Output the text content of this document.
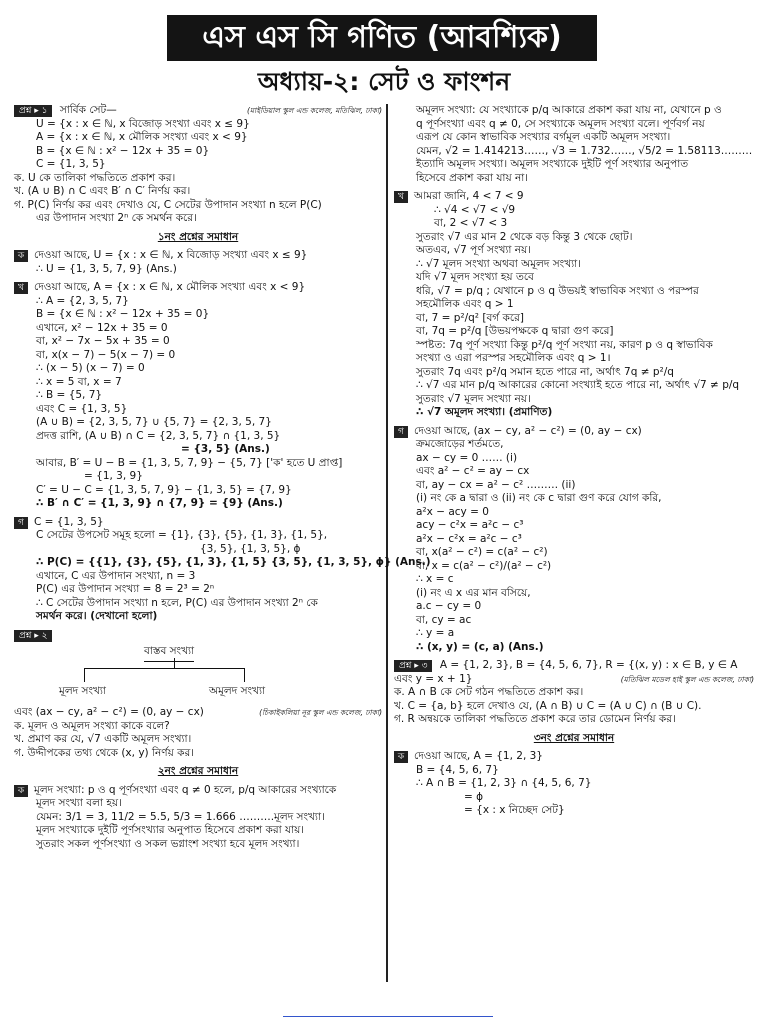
এস এস সি গণিত (আবশ্যিক)
অধ্যায়-২: সেট ও ফাংশন
প্রশ্ন ▸ ১ সার্বিক সেট—	(মাইডিয়াল স্কুল এন্ড কলেজ, মতিঝিল, ঢাকা)
U = {x : x ∈ ℕ, x বিজোড় সংখ্যা এবং x ≤ 9}
A = {x : x ∈ ℕ, x মৌলিক সংখ্যা এবং x < 9}
B = {x ∈ ℕ : x² − 12x + 35 = 0}
C = {1, 3, 5}
ক. U কে তালিকা পদ্ধতিতে প্রকাশ কর।
খ. (A ∪ B) ∩ C এবং B′ ∩ C′ নির্ণয় কর।
গ. P(C) নির্ণয় কর এবং দেখাও যে, C সেটের উপাদান সংখ্যা n হলে P(C)
এর উপাদান সংখ্যা 2ⁿ কে সমর্থন করে।
১নং প্রশ্নের সমাধান
ক দেওয়া আছে, U = {x : x ∈ ℕ, x বিজোড় সংখ্যা এবং x ≤ 9}
∴ U = {1, 3, 5, 7, 9} (Ans.)
খ দেওয়া আছে, A = {x : x ∈ ℕ, x মৌলিক সংখ্যা এবং x < 9}
∴ A = {2, 3, 5, 7}
B = {x ∈ ℕ : x² − 12x + 35 = 0}
এখানে, x² − 12x + 35 = 0
বা, x² − 7x − 5x + 35 = 0
বা, x(x − 7) − 5(x − 7) = 0
∴ (x − 5) (x − 7) = 0
∴ x = 5 বা, x = 7
∴ B = {5, 7}
এবং C = {1, 3, 5}
(A ∪ B) = {2, 3, 5, 7} ∪ {5, 7} = {2, 3, 5, 7}
প্রদত্ত রাশি, (A ∪ B) ∩ C = {2, 3, 5, 7} ∩ {1, 3, 5}
= {3, 5} (Ans.)
আবার, B′ = U − B = {1, 3, 5, 7, 9} − {5, 7} ['ক' হতে U প্রাপ্ত]
= {1, 3, 9}
C′ = U − C = {1, 3, 5, 7, 9} − {1, 3, 5} = {7, 9}
∴ B′ ∩ C′ = {1, 3, 9} ∩ {7, 9} = {9} (Ans.)
গ C = {1, 3, 5}
C সেটের উপসেট সমূহ হলো = {1}, {3}, {5}, {1, 3}, {1, 5},
{3, 5}, {1, 3, 5}, ϕ
∴ P(C) = {{1}, {3}, {5}, {1, 3}, {1, 5} {3, 5}, {1, 3, 5}, ϕ} (Ans.)
এখানে, C এর উপাদান সংখ্যা, n = 3
P(C) এর উপাদান সংখ্যা = 8 = 2³ = 2ⁿ
∴ C সেটের উপাদান সংখ্যা n হলে, P(C) এর উপাদান সংখ্যা 2ⁿ কে
সমর্থন করে। (দেখানো হলো)
প্রশ্ন ▸ ২
বাস্তব সংখ্যা
মূলদ সংখ্যা	অমূলদ সংখ্যা
এবং (ax − cy, a² − c²) = (0, ay − cx)	(চিকাইকলিয়া নূর স্কুল এন্ড কলেজ, ঢাকা)
ক. মূলদ ও অমূলদ সংখ্যা কাকে বলে?
খ. প্রমাণ কর যে, √7 একটি অমূলদ সংখ্যা।
গ. উদ্দীপকের তথ্য থেকে (x, y) নির্ণয় কর।
২নং প্রশ্নের সমাধান
ক মূলদ সংখ্যা: p ও q পূর্ণসংখ্যা এবং q ≠ 0 হলে, p/q আকারের সংখ্যাকে
মূলদ সংখ্যা বলা হয়।
যেমন: 3/1 = 3, 11/2 = 5.5, 5/3 = 1.666 ……….মূলদ সংখ্যা।
মূলদ সংখ্যাকে দুইটি পূর্ণসংখ্যার অনুপাত হিসেবে প্রকাশ করা যায়।
সুতরাং সকল পূর্ণসংখ্যা ও সকল ভগ্নাংশ সংখ্যা হবে মূলদ সংখ্যা।
অমূলদ সংখ্যা: যে সংখ্যাকে p/q আকারে প্রকাশ করা যায় না, যেখানে p ও
q পূর্ণসংখ্যা এবং q ≠ 0, সে সংখ্যাকে অমূলদ সংখ্যা বলে। পূর্ণবর্গ নয়
এরূপ যে কোন স্বাভাবিক সংখ্যার বর্গমূল একটি অমূলদ সংখ্যা।
যেমন, √2 = 1.414213……, √3 = 1.732……, √5/2 = 1.58113………
ইত্যাদি অমূলদ সংখ্যা। অমূলদ সংখ্যাকে দুইটি পূর্ণ সংখ্যার অনুপাত
হিসেবে প্রকাশ করা যায় না।
খ আমরা জানি, 4 < 7 < 9
∴ √4 < √7 < √9
বা, 2 < √7 < 3
সুতরাং √7 এর মান 2 থেকে বড় কিন্তু 3 থেকে ছোট।
অতএব, √7 পূর্ণ সংখ্যা নয়।
∴ √7 মূলদ সংখ্যা অথবা অমূলদ সংখ্যা।
যদি √7 মূলদ সংখ্যা হয় তবে
ধরি, √7 = p/q ; যেখানে p ও q উভয়ই স্বাভাবিক সংখ্যা ও পরস্পর
সহমৌলিক এবং q > 1
বা, 7 = p²/q² [বর্গ করে]
বা, 7q = p²/q [উভয়পক্ষকে q দ্বারা গুণ করে]
স্পষ্টত: 7q পূর্ণ সংখ্যা কিন্তু p²/q পূর্ণ সংখ্যা নয়, কারণ p ও q স্বাভাবিক
সংখ্যা ও এরা পরস্পর সহমৌলিক এবং q > 1।
সুতরাং 7q এবং p²/q সমান হতে পারে না, অর্থাৎ 7q ≠ p²/q
∴ √7 এর মান p/q আকারের কোনো সংখ্যাই হতে পারে না, অর্থাৎ √7 ≠ p/q
সুতরাং √7 মূলদ সংখ্যা নয়।
∴ √7 অমূলদ সংখ্যা। (প্রমাণিত)
গ দেওয়া আছে, (ax − cy, a² − c²) = (0, ay − cx)
ক্রমজোড়ের শর্তমতে,
ax − cy = 0 …… (i)
এবং a² − c² = ay − cx
বা, ay − cx = a² − c² ……… (ii)
(i) নং কে a দ্বারা ও (ii) নং কে c দ্বারা গুণ করে যোগ করি,
a²x − acy = 0
acy − c²x = a²c − c³
a²x − c²x = a²c − c³
বা, x(a² − c²) = c(a² − c²)
বা, x = c(a² − c²)/(a² − c²)
∴ x = c
(i) নং এ x এর মান বসিয়ে,
a.c − cy = 0
বা, cy = ac
∴ y = a
∴ (x, y) = (c, a) (Ans.)
প্রশ্ন ▸ ৩ A = {1, 2, 3}, B = {4, 5, 6, 7}, R = {(x, y) : x ∈ B, y ∈ A
এবং y = x + 1}	(মতিঝিল মডেল হাই স্কুল এন্ড কলেজ, ঢাকা)
ক. A ∩ B কে সেট গঠন পদ্ধতিতে প্রকাশ কর।
খ. C = {a, b} হলে দেখাও যে, (A ∩ B) ∪ C = (A ∪ C) ∩ (B ∪ C).
গ. R অন্বয়কে তালিকা পদ্ধতিতে প্রকাশ করে তার ডোমেন নির্ণয় কর।
৩নং প্রশ্নের সমাধান
ক দেওয়া আছে, A = {1, 2, 3}
B = {4, 5, 6, 7}
∴ A ∩ B = {1, 2, 3} ∩ {4, 5, 6, 7}
= ϕ
= {x : x নিচ্ছেদ সেট}
